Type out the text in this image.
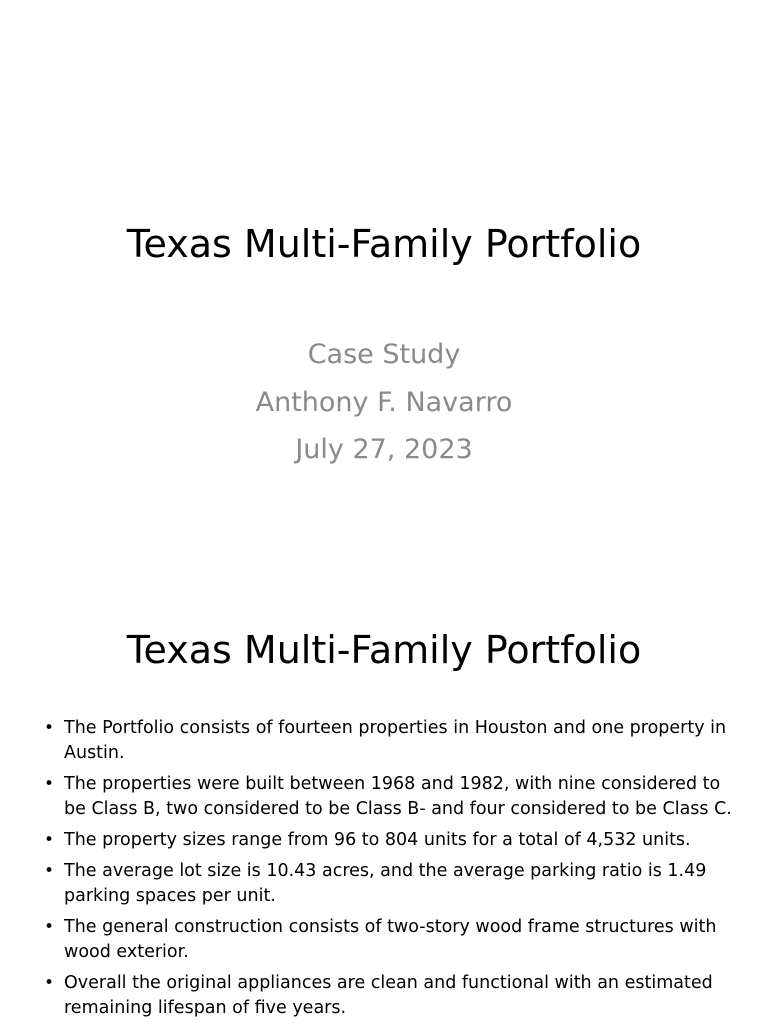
Texas Multi-Family Portfolio
Case Study
Anthony F. Navarro
July 27, 2023
Texas Multi-Family Portfolio
• The Portfolio consists of fourteen properties in Houston and one property in Austin.
• The properties were built between 1968 and 1982, with nine considered to be Class B, two considered to be Class B- and four considered to be Class C.
• The property sizes range from 96 to 804 units for a total of 4,532 units.
• The average lot size is 10.43 acres, and the average parking ratio is 1.49 parking spaces per unit.
• The general construction consists of two-story wood frame structures with wood exterior.
• Overall the original appliances are clean and functional with an estimated remaining lifespan of five years.
